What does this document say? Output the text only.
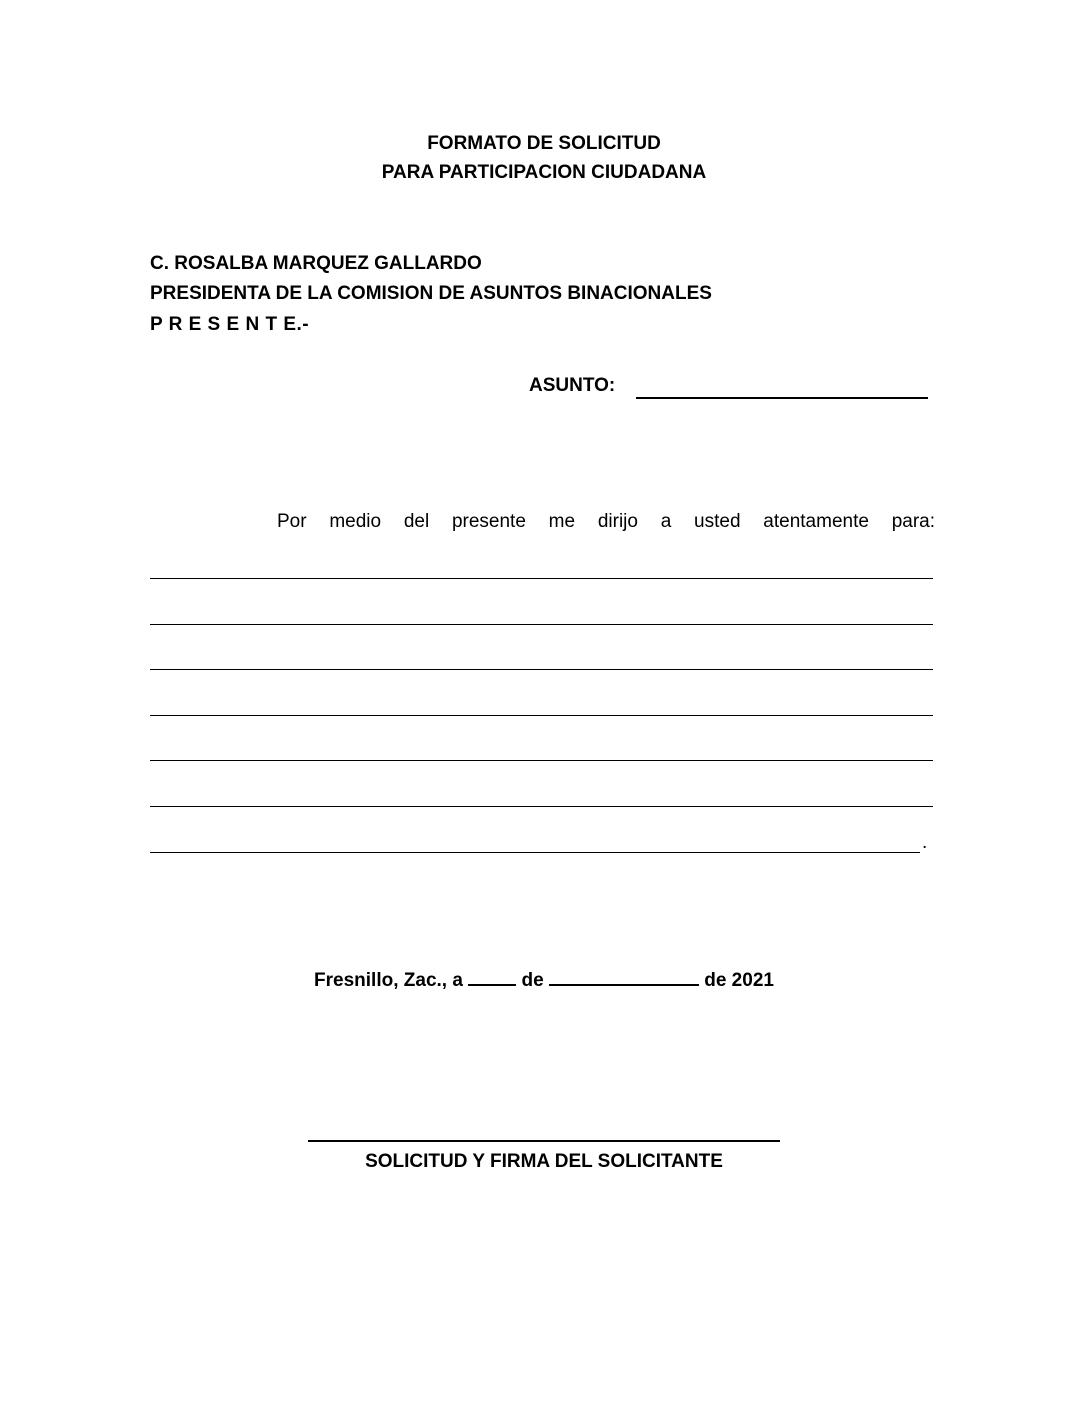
FORMATO DE SOLICITUD
PARA PARTICIPACION CIUDADANA
C. ROSALBA MARQUEZ GALLARDO
PRESIDENTA DE LA COMISION DE ASUNTOS BINACIONALES
P R E S E N T E.-
ASUNTO:
Por medio del presente me dirijo a usted atentamente para:
.
Fresnillo, Zac., a	de	de 2021
SOLICITUD Y FIRMA DEL SOLICITANTE
